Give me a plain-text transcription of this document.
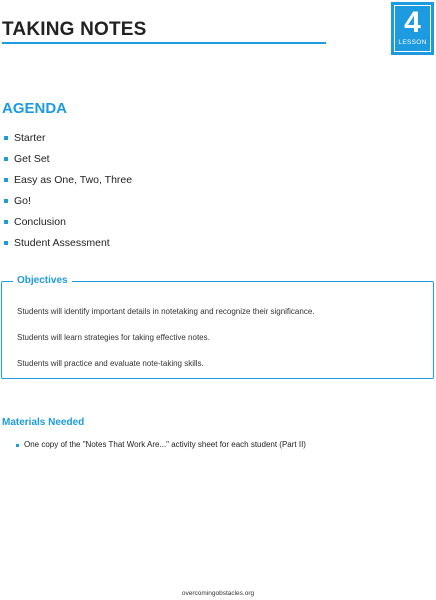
TAKING NOTES	4
LESSON
AGENDA
Starter
Get Set
Easy as One, Two, Three
Go!
Conclusion
Student Assessment
Objectives
Students will identify important details in notetaking and recognize their significance.
Students will learn strategies for taking effective notes.
Students will practice and evaluate note-taking skills.
Materials Needed
One copy of the "Notes That Work Are..." activity sheet for each student (Part II)
overcomingobstacles.org
